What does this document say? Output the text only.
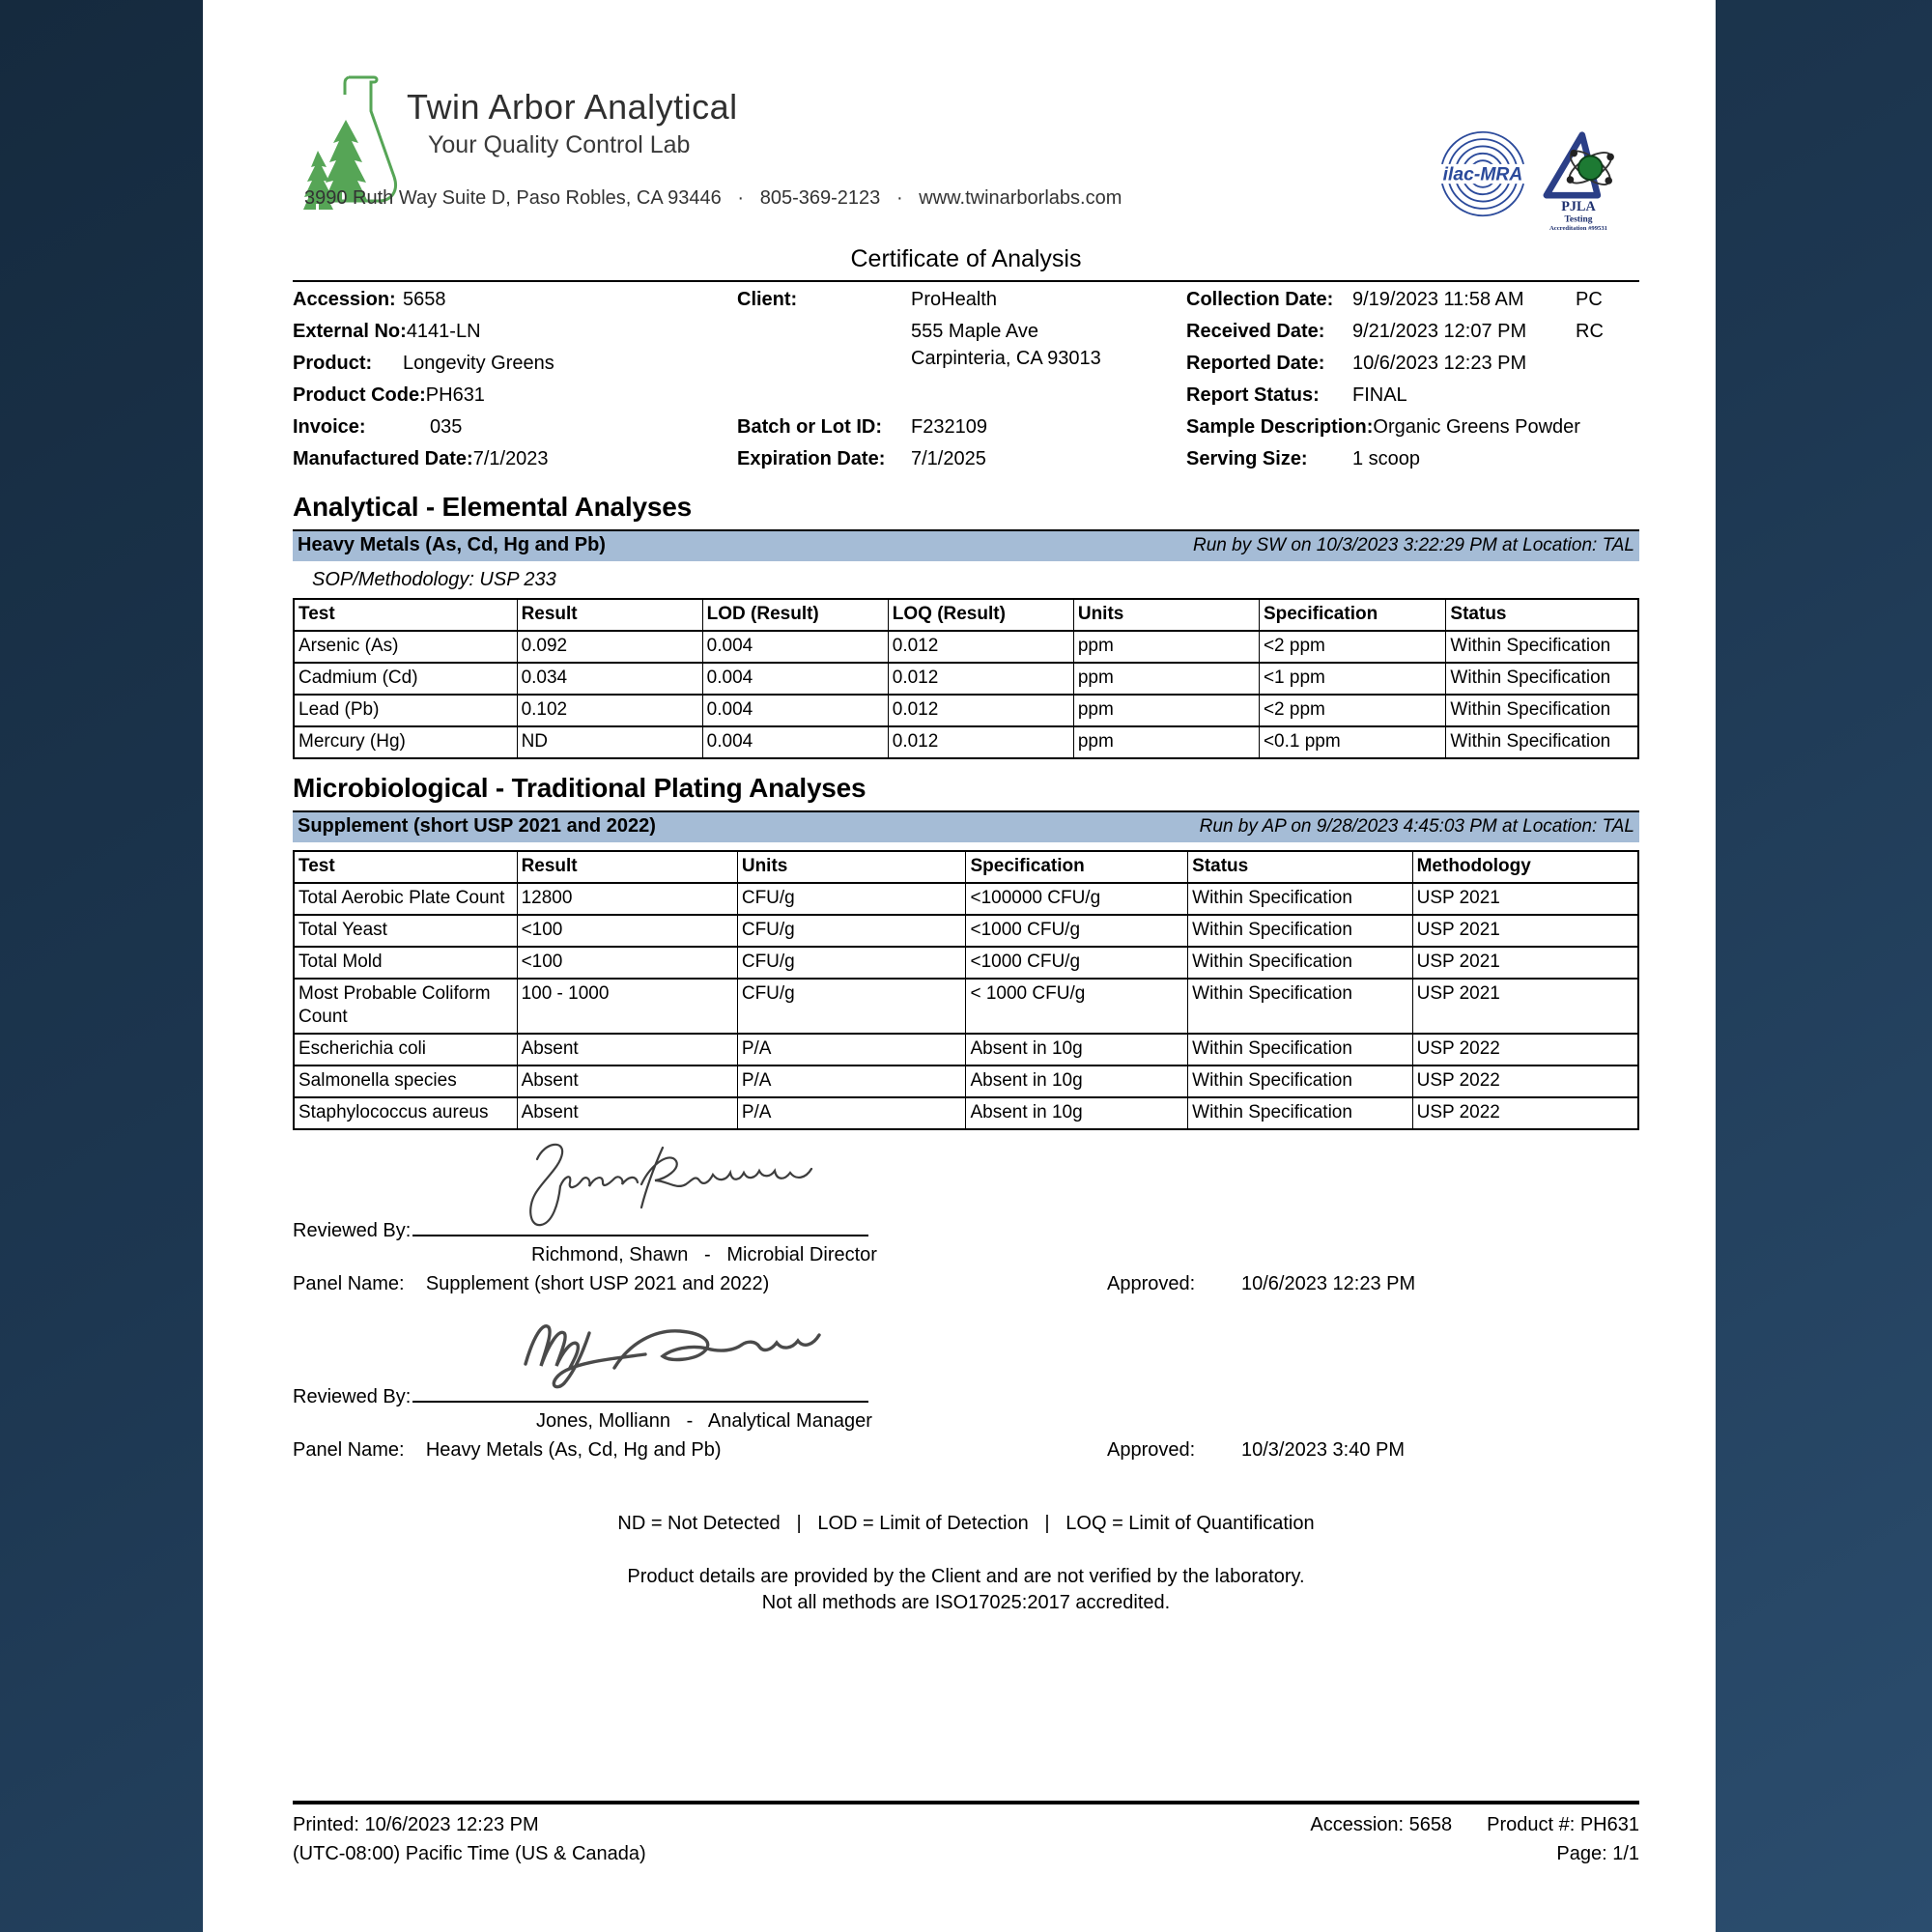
Twin Arbor Analytical
Your Quality Control Lab
3990 Ruth Way Suite D, Paso Robles, CA 93446   ·   805-369-2123   ·   www.twinarborlabs.com
ilac-MRA
PJLA
Testing
Accreditation #99531
Certificate of Analysis
Accession: 5658
External No: 4141-LN
Product:	Longevity Greens
Product Code: PH631
Invoice:	035
Manufactured Date: 7/1/2023
Client:	ProHealth
555 Maple Ave
Carpinteria, CA 93013
Batch or Lot ID:	F232109
Expiration Date:	7/1/2025
Collection Date: 9/19/2023 11:58 AM	PC
Received Date:	9/21/2023 12:07 PM	RC
Reported Date:	10/6/2023 12:23 PM
Report Status:	FINAL
Sample Description: Organic Greens Powder
Serving Size:	1 scoop
Analytical - Elemental Analyses
Heavy Metals (As, Cd, Hg and Pb)	Run by SW on 10/3/2023 3:22:29 PM at Location: TAL
SOP/Methodology: USP 233
Test	Result	LOD (Result)	LOQ (Result)	Units	Specification	Status
Arsenic (As)	0.092	0.004	0.012	ppm	<2 ppm	Within Specification
Cadmium (Cd)	0.034	0.004	0.012	ppm	<1 ppm	Within Specification
Lead (Pb)	0.102	0.004	0.012	ppm	<2 ppm	Within Specification
Mercury (Hg)	ND	0.004	0.012	ppm	<0.1 ppm	Within Specification
Microbiological - Traditional Plating Analyses
Supplement (short USP 2021 and 2022)	Run by AP on 9/28/2023 4:45:03 PM at Location: TAL
Test	Result	Units	Specification	Status	Methodology
Total Aerobic Plate Count	12800	CFU/g	<100000 CFU/g	Within Specification	USP 2021
Total Yeast	<100	CFU/g	<1000 CFU/g	Within Specification	USP 2021
Total Mold	<100	CFU/g	<1000 CFU/g	Within Specification	USP 2021
Most Probable Coliform Count	100 - 1000	CFU/g	< 1000 CFU/g	Within Specification	USP 2021
Escherichia coli	Absent	P/A	Absent in 10g	Within Specification	USP 2022
Salmonella species	Absent	P/A	Absent in 10g	Within Specification	USP 2022
Staphylococcus aureus	Absent	P/A	Absent in 10g	Within Specification	USP 2022
Reviewed By:
Richmond, Shawn   -   Microbial Director
Panel Name:    Supplement (short USP 2021 and 2022)	Approved: 10/6/2023 12:23 PM
Reviewed By:
Jones, Molliann   -   Analytical Manager
Panel Name:    Heavy Metals (As, Cd, Hg and Pb)	Approved: 10/3/2023 3:40 PM
ND = Not Detected   |   LOD = Limit of Detection   |   LOQ = Limit of Quantification
Product details are provided by the Client and are not verified by the laboratory.
Not all methods are ISO17025:2017 accredited.
Printed: 10/6/2023 12:23 PM
(UTC-08:00) Pacific Time (US & Canada)
Accession: 5658 Product #: PH631
Page: 1/1
